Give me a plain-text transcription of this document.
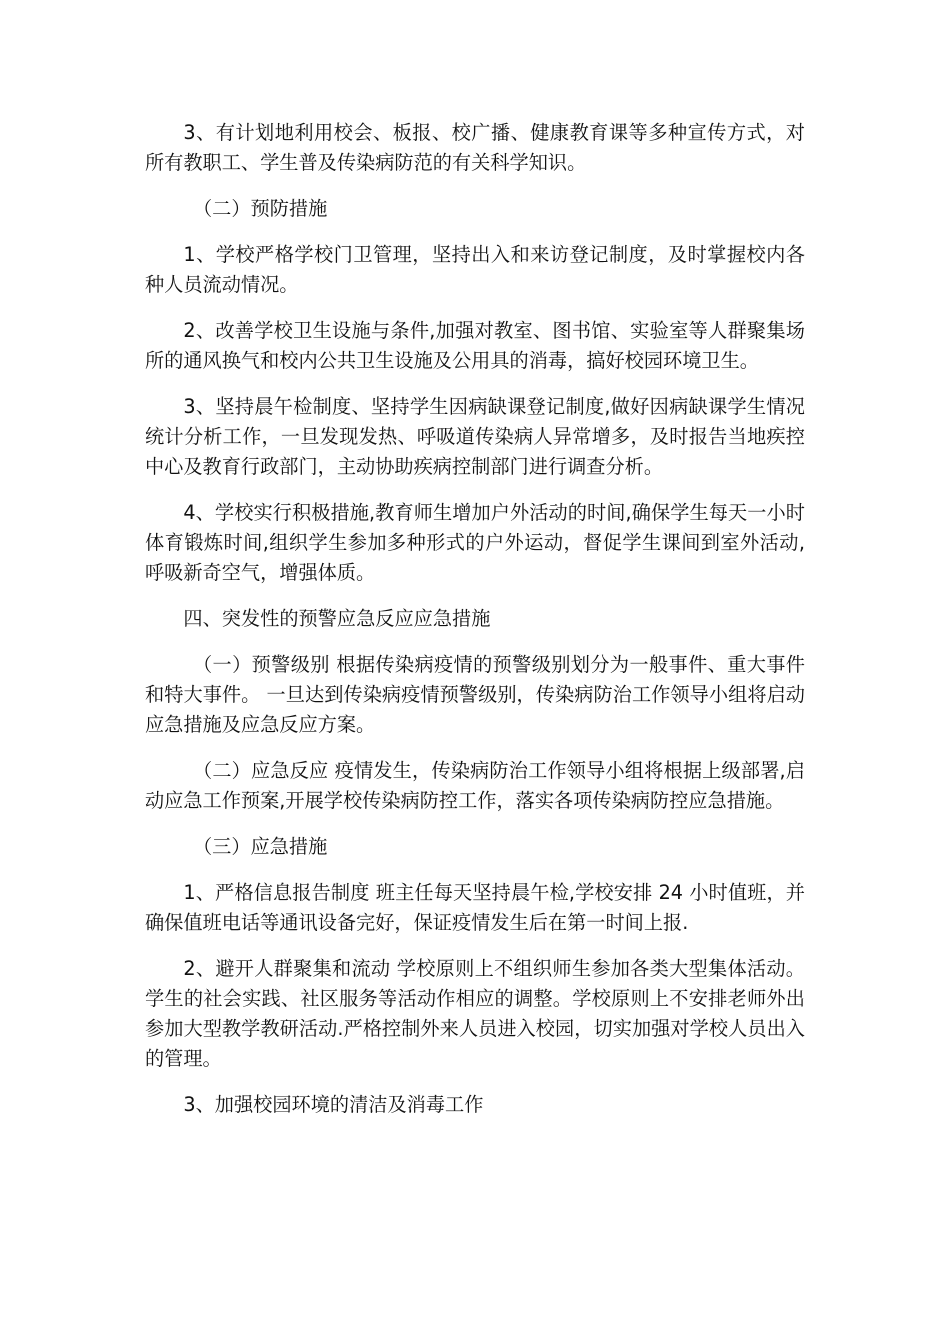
3、有计划地利用校会、板报、校广播、健康教育课等多种宣传方式，对所有教职工、学生普及传染病防范的有关科学知识。

（二）预防措施

1、学校严格学校门卫管理，坚持出入和来访登记制度，及时掌握校内各种人员流动情况。

2、改善学校卫生设施与条件,加强对教室、图书馆、实验室等人群聚集场所的通风换气和校内公共卫生设施及公用具的消毒，搞好校园环境卫生。

3、坚持晨午检制度、坚持学生因病缺课登记制度,做好因病缺课学生情况统计分析工作，一旦发现发热、呼吸道传染病人异常增多，及时报告当地疾控中心及教育行政部门，主动协助疾病控制部门进行调查分析。

4、学校实行积极措施,教育师生增加户外活动的时间,确保学生每天一小时体育锻炼时间,组织学生参加多种形式的户外运动，督促学生课间到室外活动,呼吸新奇空气，增强体质。

四、突发性的预警应急反应应急措施

（一）预警级别 根据传染病疫情的预警级别划分为一般事件、重大事件和特大事件。 一旦达到传染病疫情预警级别，传染病防治工作领导小组将启动应急措施及应急反应方案。

（二）应急反应 疫情发生，传染病防治工作领导小组将根据上级部署,启动应急工作预案,开展学校传染病防控工作，落实各项传染病防控应急措施。

（三）应急措施

1、严格信息报告制度 班主任每天坚持晨午检,学校安排 24 小时值班，并确保值班电话等通讯设备完好，保证疫情发生后在第一时间上报.

2、避开人群聚集和流动 学校原则上不组织师生参加各类大型集体活动。学生的社会实践、社区服务等活动作相应的调整。学校原则上不安排老师外出参加大型教学教研活动.严格控制外来人员进入校园，切实加强对学校人员出入的管理。

3、加强校园环境的清洁及消毒工作
